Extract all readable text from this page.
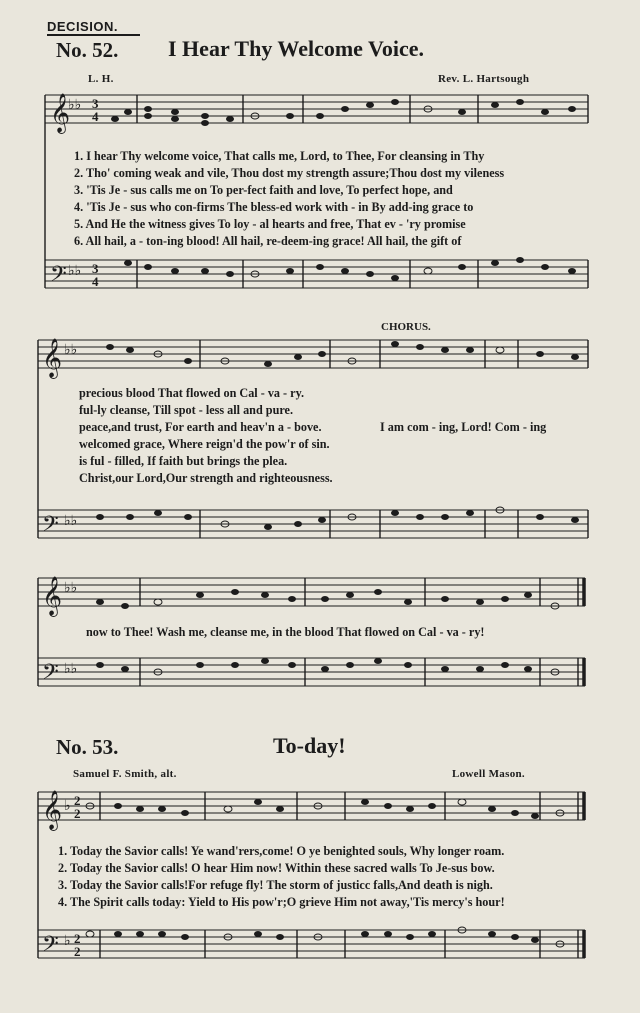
DECISION.
No. 52. I Hear Thy Welcome Voice.
L. H.	Rev. L. Hartsough
𝄞
𝄢
♭♭
♭♭
3
4
3
4
1. I hear Thy welcome voice, That calls me, Lord, to Thee, For cleansing in Thy
2. Tho' coming weak and vile, Thou dost my strength assure;Thou dost my vileness
3. 'Tis Je - sus calls me on To per-fect faith and love, To perfect hope, and
4. 'Tis Je - sus who con-firms The bless-ed work with - in By add-ing grace to
5. And He the witness gives To loy - al hearts and free, That ev - 'ry promise
6. All hail, a - ton-ing blood! All hail, re-deem-ing grace! All hail, the gift of
CHORUS.
𝄞
𝄢
♭♭
♭♭
precious blood That flowed on Cal - va - ry.
ful-ly cleanse, Till spot - less all and pure.
peace,and trust, For earth and heav'n a - bove.
welcomed grace, Where reign'd the pow'r of sin.
is ful - filled, If faith but brings the plea.
Christ,our Lord,Our strength and righteousness.
I am com - ing, Lord! Com - ing
𝄞
𝄢
♭♭
♭♭
now to Thee! Wash me, cleanse me, in the blood That flowed on Cal - va - ry!
No. 53.	To-day!
Samuel F. Smith, alt.	Lowell Mason.
𝄞
𝄢
♭
♭
2
2
2
2
1. Today the Savior calls! Ye wand'rers,come! O ye benighted souls, Why longer roam.
2. Today the Savior calls! O hear Him now! Within these sacred walls To Je-sus bow.
3. Today the Savior calls!For refuge fly! The storm of justicc falls,And death is nigh.
4. The Spirit calls today: Yield to His pow'r;O grieve Him not away,'Tis mercy's hour!
